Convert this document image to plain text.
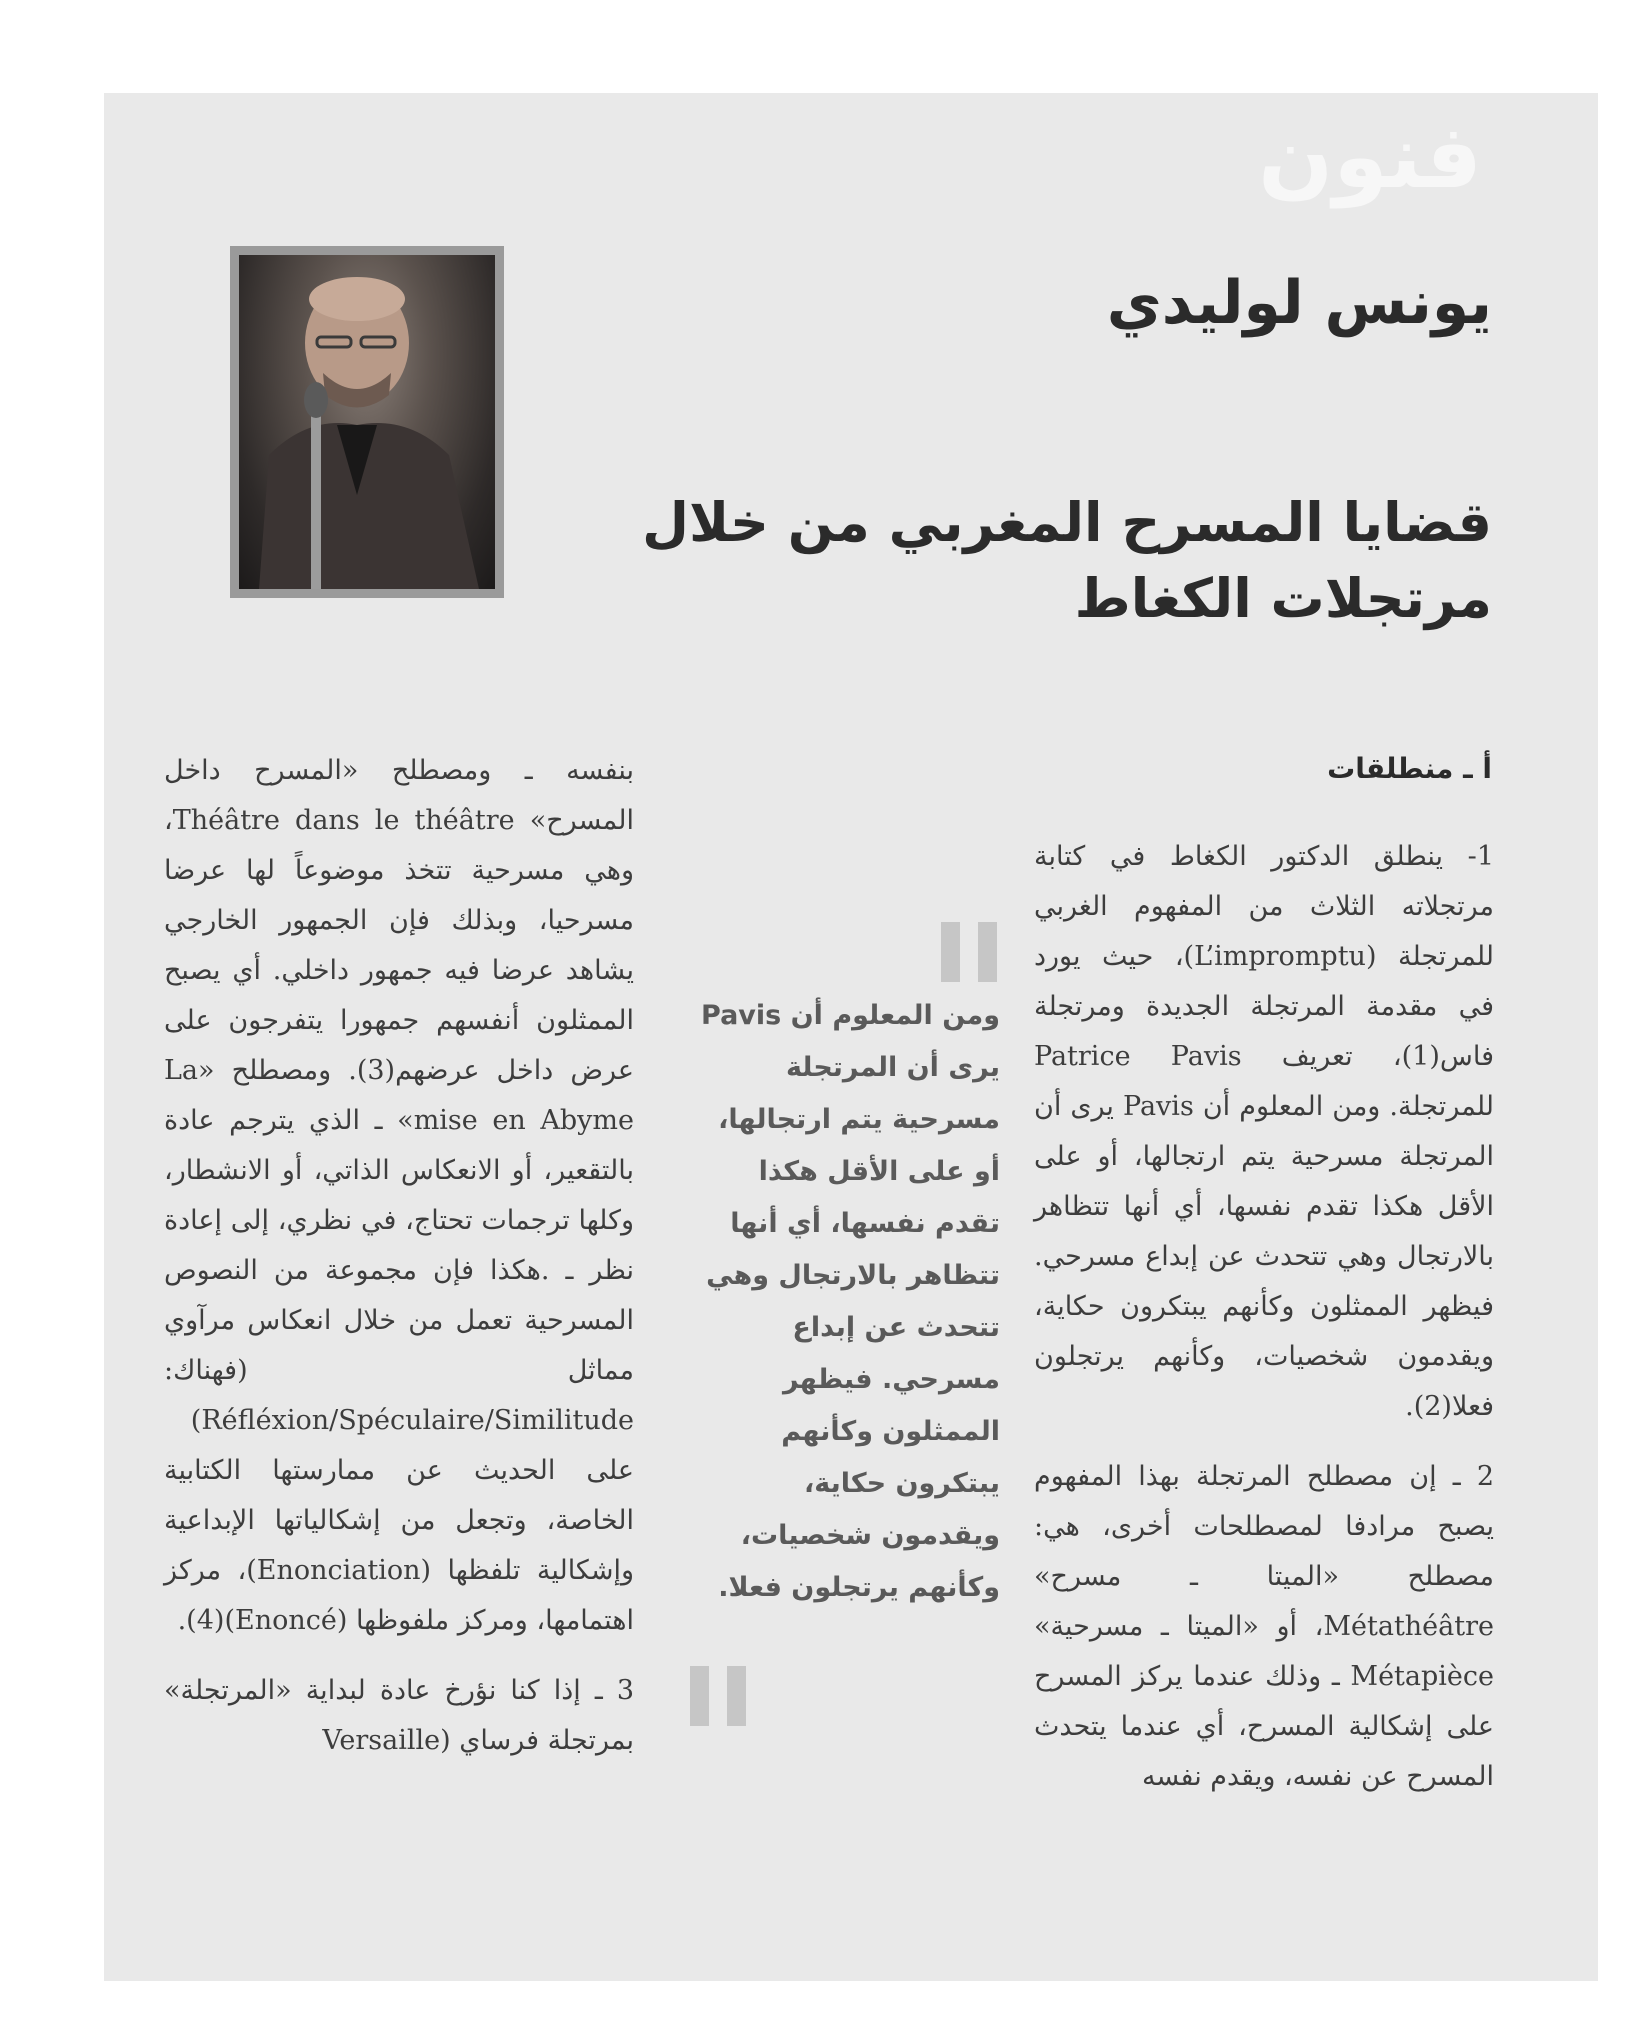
فنون
يونس لوليدي
قضايا المسرح المغربي من خلال مرتجلات الكغاط
أ ـ منطلقات

1- ينطلق الدكتور الكغاط في كتابة مرتجلاته الثلاث من المفهوم الغربي للمرتجلة (L’impromptu)، حيث يورد في مقدمة المرتجلة الجديدة ومرتجلة فاس(1)، تعريف Patrice Pavis للمرتجلة. ومن المعلوم أن Pavis يرى أن المرتجلة مسرحية يتم ارتجالها، أو على الأقل هكذا تقدم نفسها، أي أنها تتظاهر بالارتجال وهي تتحدث عن إبداع مسرحي. فيظهر الممثلون وكأنهم يبتكرون حكاية، ويقدمون شخصيات، وكأنهم يرتجلون فعلا(2).

2 ـ إن مصطلح المرتجلة بهذا المفهوم يصبح مرادفا لمصطلحات أخرى، هي: مصطلح «الميتا ـ مسرح» Métathéâtre، أو «الميتا ـ مسرحية» Métapièce ـ وذلك عندما يركز المسرح على إشكالية المسرح، أي عندما يتحدث المسرح عن نفسه، ويقدم نفسه

ومن المعلوم أن Pavis يرى أن المرتجلة مسرحية يتم ارتجالها، أو على الأقل هكذا تقدم نفسها، أي أنها تتظاهر بالارتجال وهي تتحدث عن إبداع مسرحي. فيظهر الممثلون وكأنهم يبتكرون حكاية، ويقدمون شخصيات، وكأنهم يرتجلون فعلا.

بنفسه ـ ومصطلح «المسرح داخل المسرح» Théâtre dans le théâtre، وهي مسرحية تتخذ موضوعاً لها عرضا مسرحيا، وبذلك فإن الجمهور الخارجي يشاهد عرضا فيه جمهور داخلي. أي يصبح الممثلون أنفسهم جمهورا يتفرجون على عرض داخل عرضهم(3). ومصطلح «La mise en Abyme» ـ الذي يترجم عادة بالتقعير، أو الانعكاس الذاتي، أو الانشطار، وكلها ترجمات تحتاج، في نظري، إلى إعادة نظر ـ .هكذا فإن مجموعة من النصوص المسرحية تعمل من خلال انعكاس مرآوي مماثل (فهناك: Réfléxion/Spéculaire/Similitude) على الحديث عن ممارستها الكتابية الخاصة، وتجعل من إشكالياتها الإبداعية وإشكالية تلفظها (Enonciation)، مركز اهتمامها، ومركز ملفوظها (Enoncé)(4).

3 ـ إذا كنا نؤرخ عادة لبداية «المرتجلة» بمرتجلة فرساي (Versaille
